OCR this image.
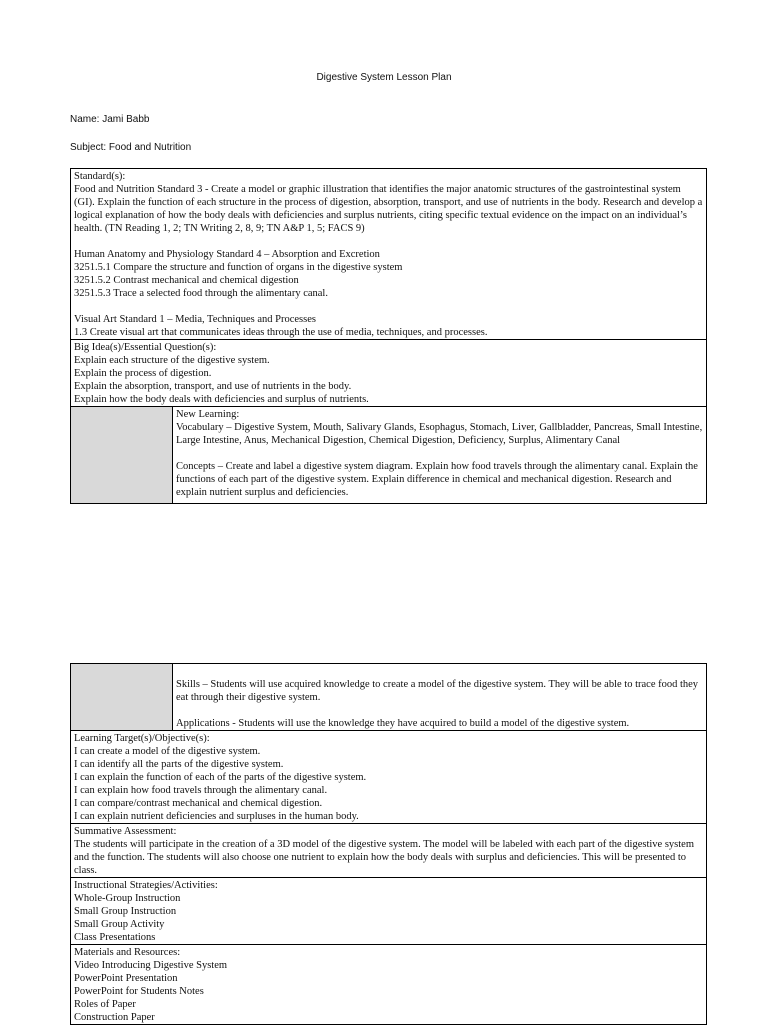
Digestive System Lesson Plan
Name: Jami Babb
Subject: Food and Nutrition
Standard(s):
Food and Nutrition Standard 3 - Create a model or graphic illustration that identifies the major anatomic structures of the gastrointestinal system (GI). Explain the function of each structure in the process of digestion, absorption, transport, and use of nutrients in the body. Research and develop a logical explanation of how the body deals with deficiencies and surplus nutrients, citing specific textual evidence on the impact on an individual’s health. (TN Reading 1, 2; TN Writing 2, 8, 9; TN A&P 1, 5; FACS 9)
Human Anatomy and Physiology Standard 4 – Absorption and Excretion
3251.5.1 Compare the structure and function of organs in the digestive system
3251.5.2 Contrast mechanical and chemical digestion
3251.5.3 Trace a selected food through the alimentary canal.
Visual Art Standard 1 – Media, Techniques and Processes
1.3 Create visual art that communicates ideas through the use of media, techniques, and processes.

Big Idea(s)/Essential Question(s):
Explain each structure of the digestive system.
Explain the process of digestion.
Explain the absorption, transport, and use of nutrients in the body.
Explain how the body deals with deficiencies and surplus of nutrients.

New Learning:
Vocabulary – Digestive System, Mouth, Salivary Glands, Esophagus, Stomach, Liver, Gallbladder, Pancreas, Small Intestine, Large Intestine, Anus, Mechanical Digestion, Chemical Digestion, Deficiency, Surplus, Alimentary Canal
Concepts – Create and label a digestive system diagram. Explain how food travels through the alimentary canal. Explain the functions of each part of the digestive system. Explain difference in chemical and mechanical digestion. Research and explain nutrient surplus and deficiencies.

Skills – Students will use acquired knowledge to create a model of the digestive system. They will be able to trace food they eat through their digestive system.
Applications - Students will use the knowledge they have acquired to build a model of the digestive system.

Learning Target(s)/Objective(s):
I can create a model of the digestive system.
I can identify all the parts of the digestive system.
I can explain the function of each of the parts of the digestive system.
I can explain how food travels through the alimentary canal.
I can compare/contrast mechanical and chemical digestion.
I can explain nutrient deficiencies and surpluses in the human body.

Summative Assessment:
The students will participate in the creation of a 3D model of the digestive system. The model will be labeled with each part of the digestive system and the function. The students will also choose one nutrient to explain how the body deals with surplus and deficiencies. This will be presented to class.

Instructional Strategies/Activities:
Whole-Group Instruction
Small Group Instruction
Small Group Activity
Class Presentations

Materials and Resources:
Video Introducing Digestive System
PowerPoint Presentation
PowerPoint for Students Notes
Roles of Paper
Construction Paper
